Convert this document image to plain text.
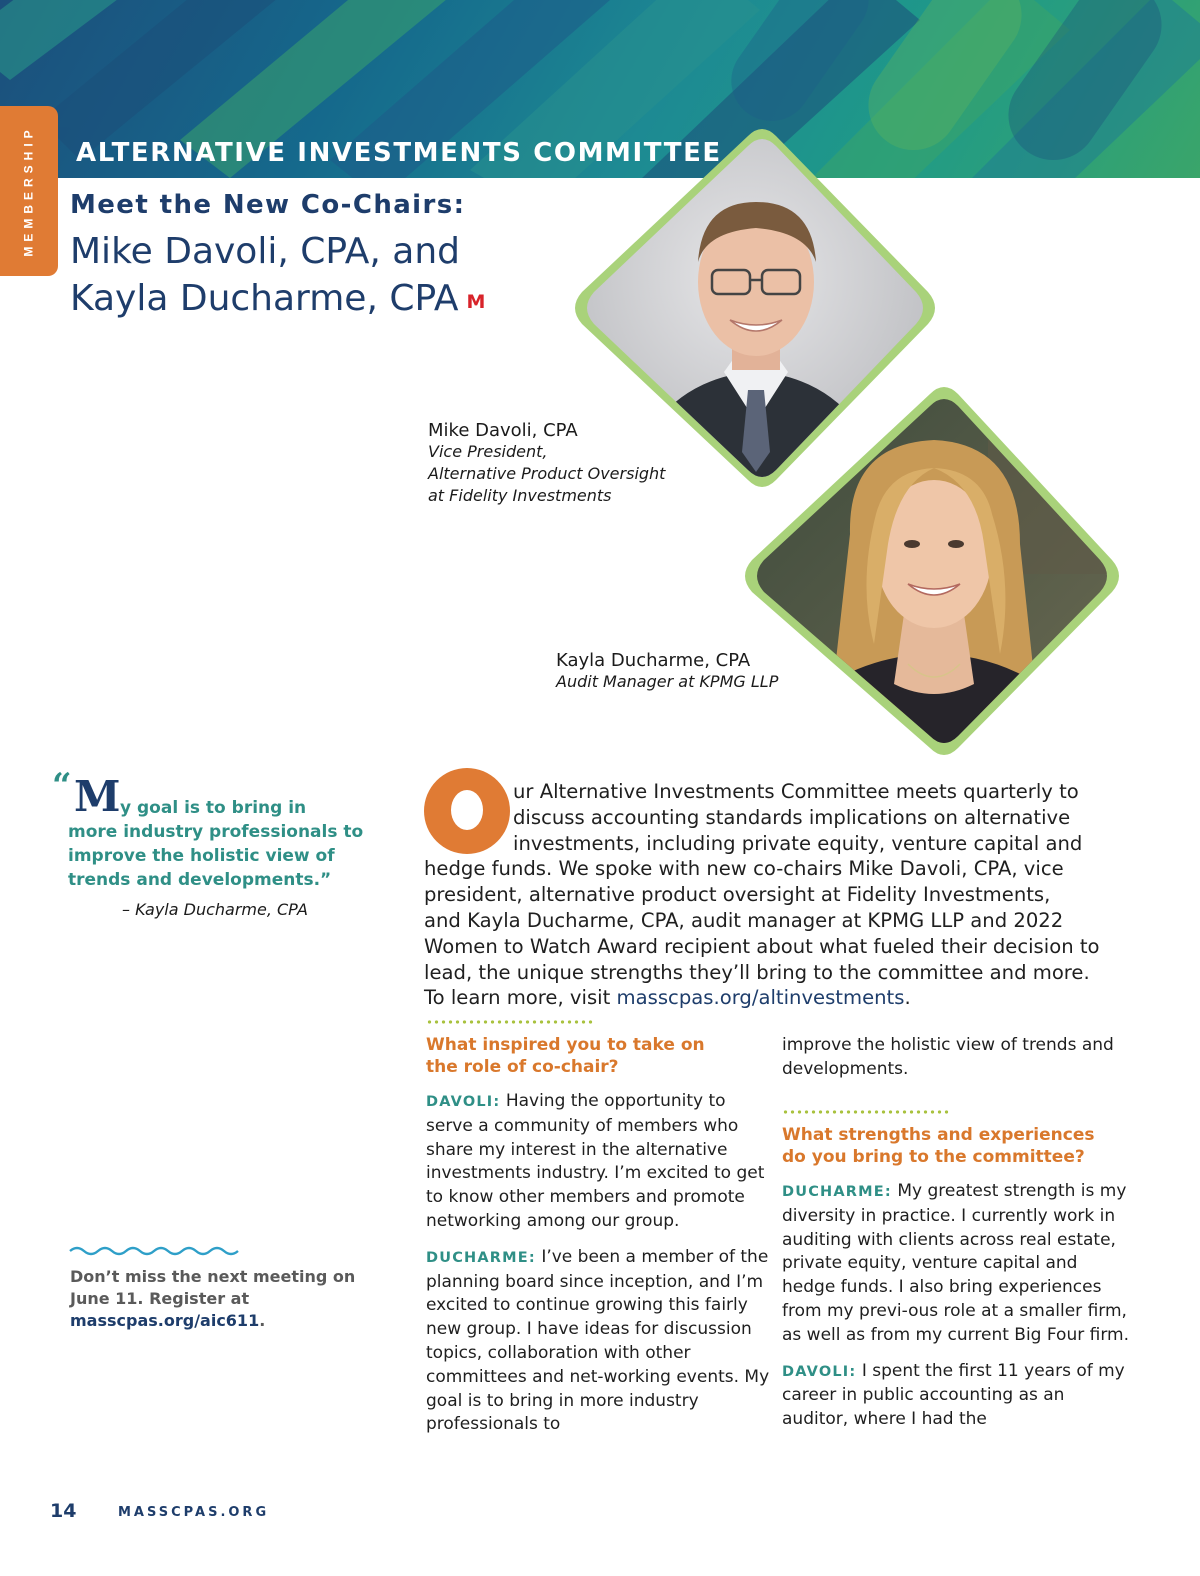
ALTERNATIVE INVESTMENTS COMMITTEE
MEMBERSHIP Meet the New Co-Chairs:
Mike Davoli, CPA, and
Kayla Ducharme, CPA M
Mike Davoli, CPA
Vice President,
Alternative Product Oversight
at Fidelity Investments
Kayla Ducharme, CPA
Audit Manager at KPMG LLP
“ M y goal is to bring in
more industry professionals to improve the holistic view of trends and developments.”
– Kayla Ducharme, CPA
Don’t miss the next meeting on June 11. Register at
masscpas.org/aic611.

ur Alternative Investments Committee meets quarterly to
discuss accounting standards implications on alternative
investments, including private equity, venture capital and
hedge funds. We spoke with new co-chairs Mike Davoli, CPA, vice
president, alternative product oversight at Fidelity Investments,
and Kayla Ducharme, CPA, audit manager at KPMG LLP and 2022
Women to Watch Award recipient about what fueled their decision to
lead, the unique strengths they’ll bring to the committee and more.
To learn more, visit masscpas.org/altinvestments.

What inspired you to take on the role of co-chair?

DAVOLI: Having the opportunity to serve a community of members who share my interest in the alternative investments industry. I’m excited to get to know other members and promote networking among our group.

DUCHARME: I’ve been a member of the planning board since inception, and I’m excited to continue growing this fairly new group. I have ideas for discussion topics, collaboration with other committees and net-working events. My goal is to bring in more industry professionals to

improve the holistic view of trends and developments.

What strengths and experiences do you bring to the committee?

DUCHARME: My greatest strength is my diversity in practice. I currently work in auditing with clients across real estate, private equity, venture capital and hedge funds. I also bring experiences from my previ-ous role at a smaller firm, as well as from my current Big Four firm.

DAVOLI: I spent the first 11 years of my career in public accounting as an auditor, where I had the

14	MASSCPAS.ORG
